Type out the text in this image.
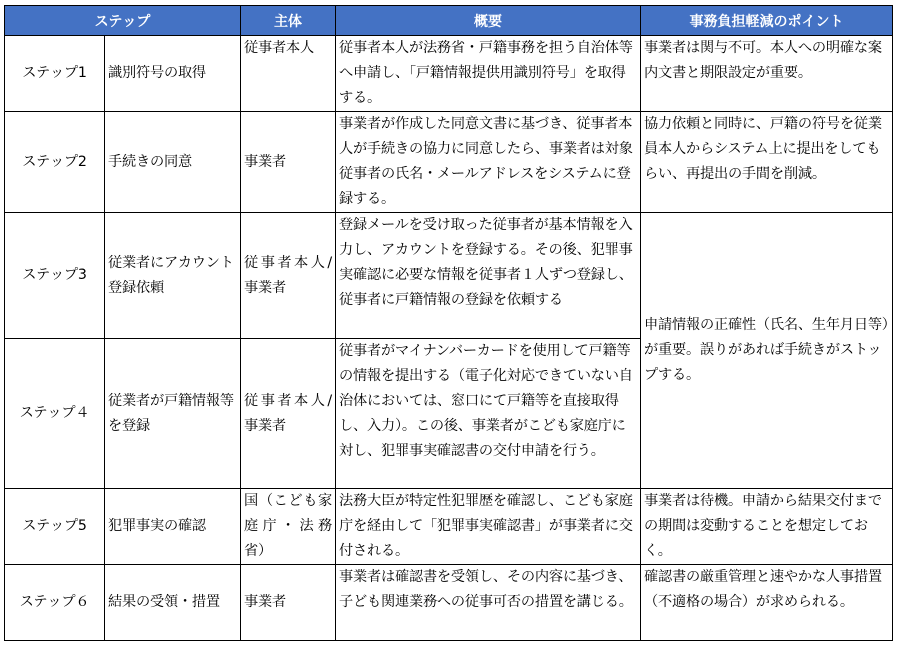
ステップ		主体	概要	事務負担軽減のポイント
ステップ1	識別符号の取得	従事者本人	従事者本人が法務省・戸籍事務を担う自治体等へ申請し、「戸籍情報提供用識別符号」を取得する。	事業者は関与不可。本人への明確な案内文書と期限設定が重要。
ステップ2	手続きの同意	事業者	事業者が作成した同意文書に基づき、従事者本人が手続きの協力に同意したら、事業者は対象従事者の氏名・メールアドレスをシステムに登録する。	協力依頼と同時に、戸籍の符号を従業員本人からシステム上に提出をしてもらい、再提出の手間を削減。
ステップ3	従業者にアカウント登録依頼	従事者本人/事業者	登録メールを受け取った従事者が基本情報を入力し、アカウントを登録する。その後、犯罪事実確認に必要な情報を従事者１人ずつ登録し、従事者に戸籍情報の登録を依頼する	申請情報の正確性（氏名、生年月日等）が重要。誤りがあれば手続きがストップする。
ステップ４	従業者が戸籍情報等を登録	従事者本人/事業者	従事者がマイナンバーカードを使用して戸籍等の情報を提出する（電子化対応できていない自治体においては、窓口にて戸籍等を直接取得し、入力）。この後、事業者がこども家庭庁に対し、犯罪事実確認書の交付申請を行う。	
ステップ5	犯罪事実の確認	国（こども家庭庁・法務省）	法務大臣が特定性犯罪歴を確認し、こども家庭庁を経由して「犯罪事実確認書」が事業者に交付される。	事業者は待機。申請から結果交付までの期間は変動することを想定しておく。
ステップ６	結果の受領・措置	事業者	事業者は確認書を受領し、その内容に基づき、子ども関連業務への従事可否の措置を講じる。	確認書の厳重管理と速やかな人事措置（不適格の場合）が求められる。
